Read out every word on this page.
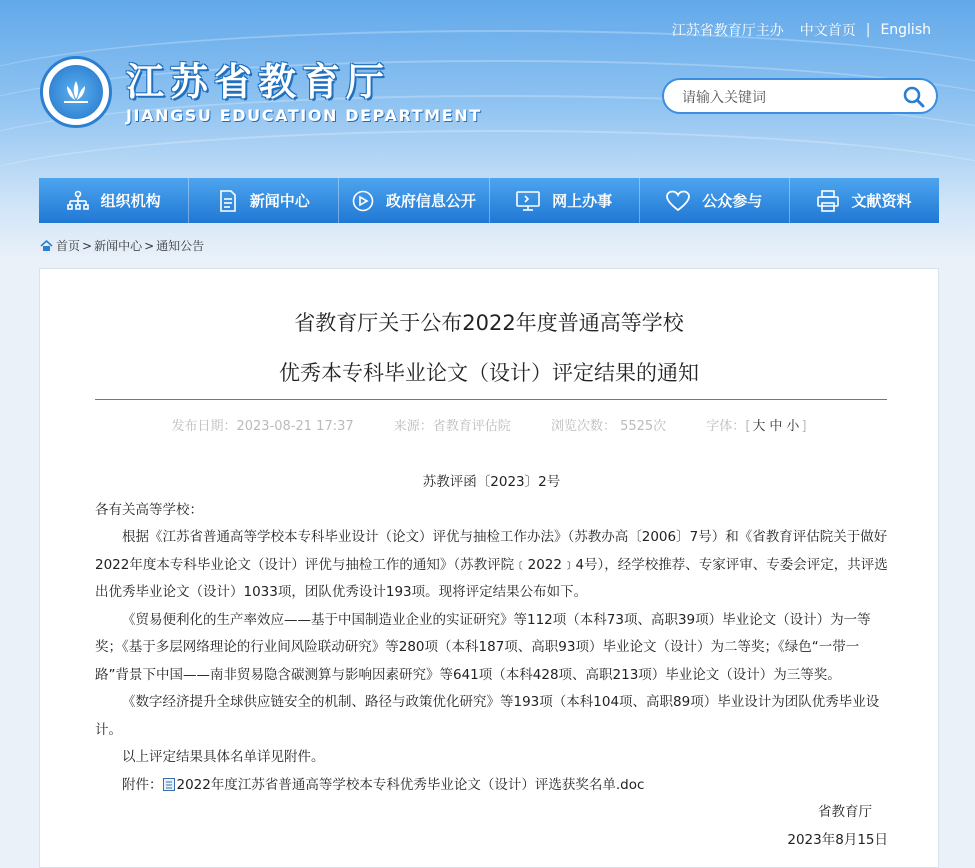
江苏省教育厅主办 中文首页 | English
江苏省教育厅
JIANGSU EDUCATION DEPARTMENT
请输入关键词
组织机构	新闻中心	政府信息公开	网上办事	公众参与	文献资料
首页 > 新闻中心 > 通知公告
省教育厅关于公布2022年度普通高等学校
优秀本专科毕业论文（设计）评定结果的通知
发布日期：2023-08-21 17:37	来源：省教育评估院	浏览次数： 5525次	字体：[ 大 中 小 ]

苏教评函〔2023〕2号

各有关高等学校：

根据《江苏省普通高等学校本专科毕业设计（论文）评优与抽检工作办法》（苏教办高〔2006〕7号）和《省教育评估院关于做好2022年度本专科毕业论文（设计）评优与抽检工作的通知》（苏教评院﹝2022﹞4号），经学校推荐、专家评审、专委会评定，共评选出优秀毕业论文（设计）1033项，团队优秀设计193项。现将评定结果公布如下。

《贸易便利化的生产率效应——基于中国制造业企业的实证研究》等112项（本科73项、高职39项）毕业论文（设计）为一等奖；《基于多层网络理论的行业间风险联动研究》等280项（本科187项、高职93项）毕业论文（设计）为二等奖；《绿色“一带一路”背景下中国——南非贸易隐含碳测算与影响因素研究》等641项（本科428项、高职213项）毕业论文（设计）为三等奖。

《数字经济提升全球供应链安全的机制、路径与政策优化研究》等193项（本科104项、高职89项）毕业设计为团队优秀毕业设计。

以上评定结果具体名单详见附件。

附件： 2022年度江苏省普通高等学校本专科优秀毕业论文（设计）评选获奖名单.doc

省教育厅

2023年8月15日
